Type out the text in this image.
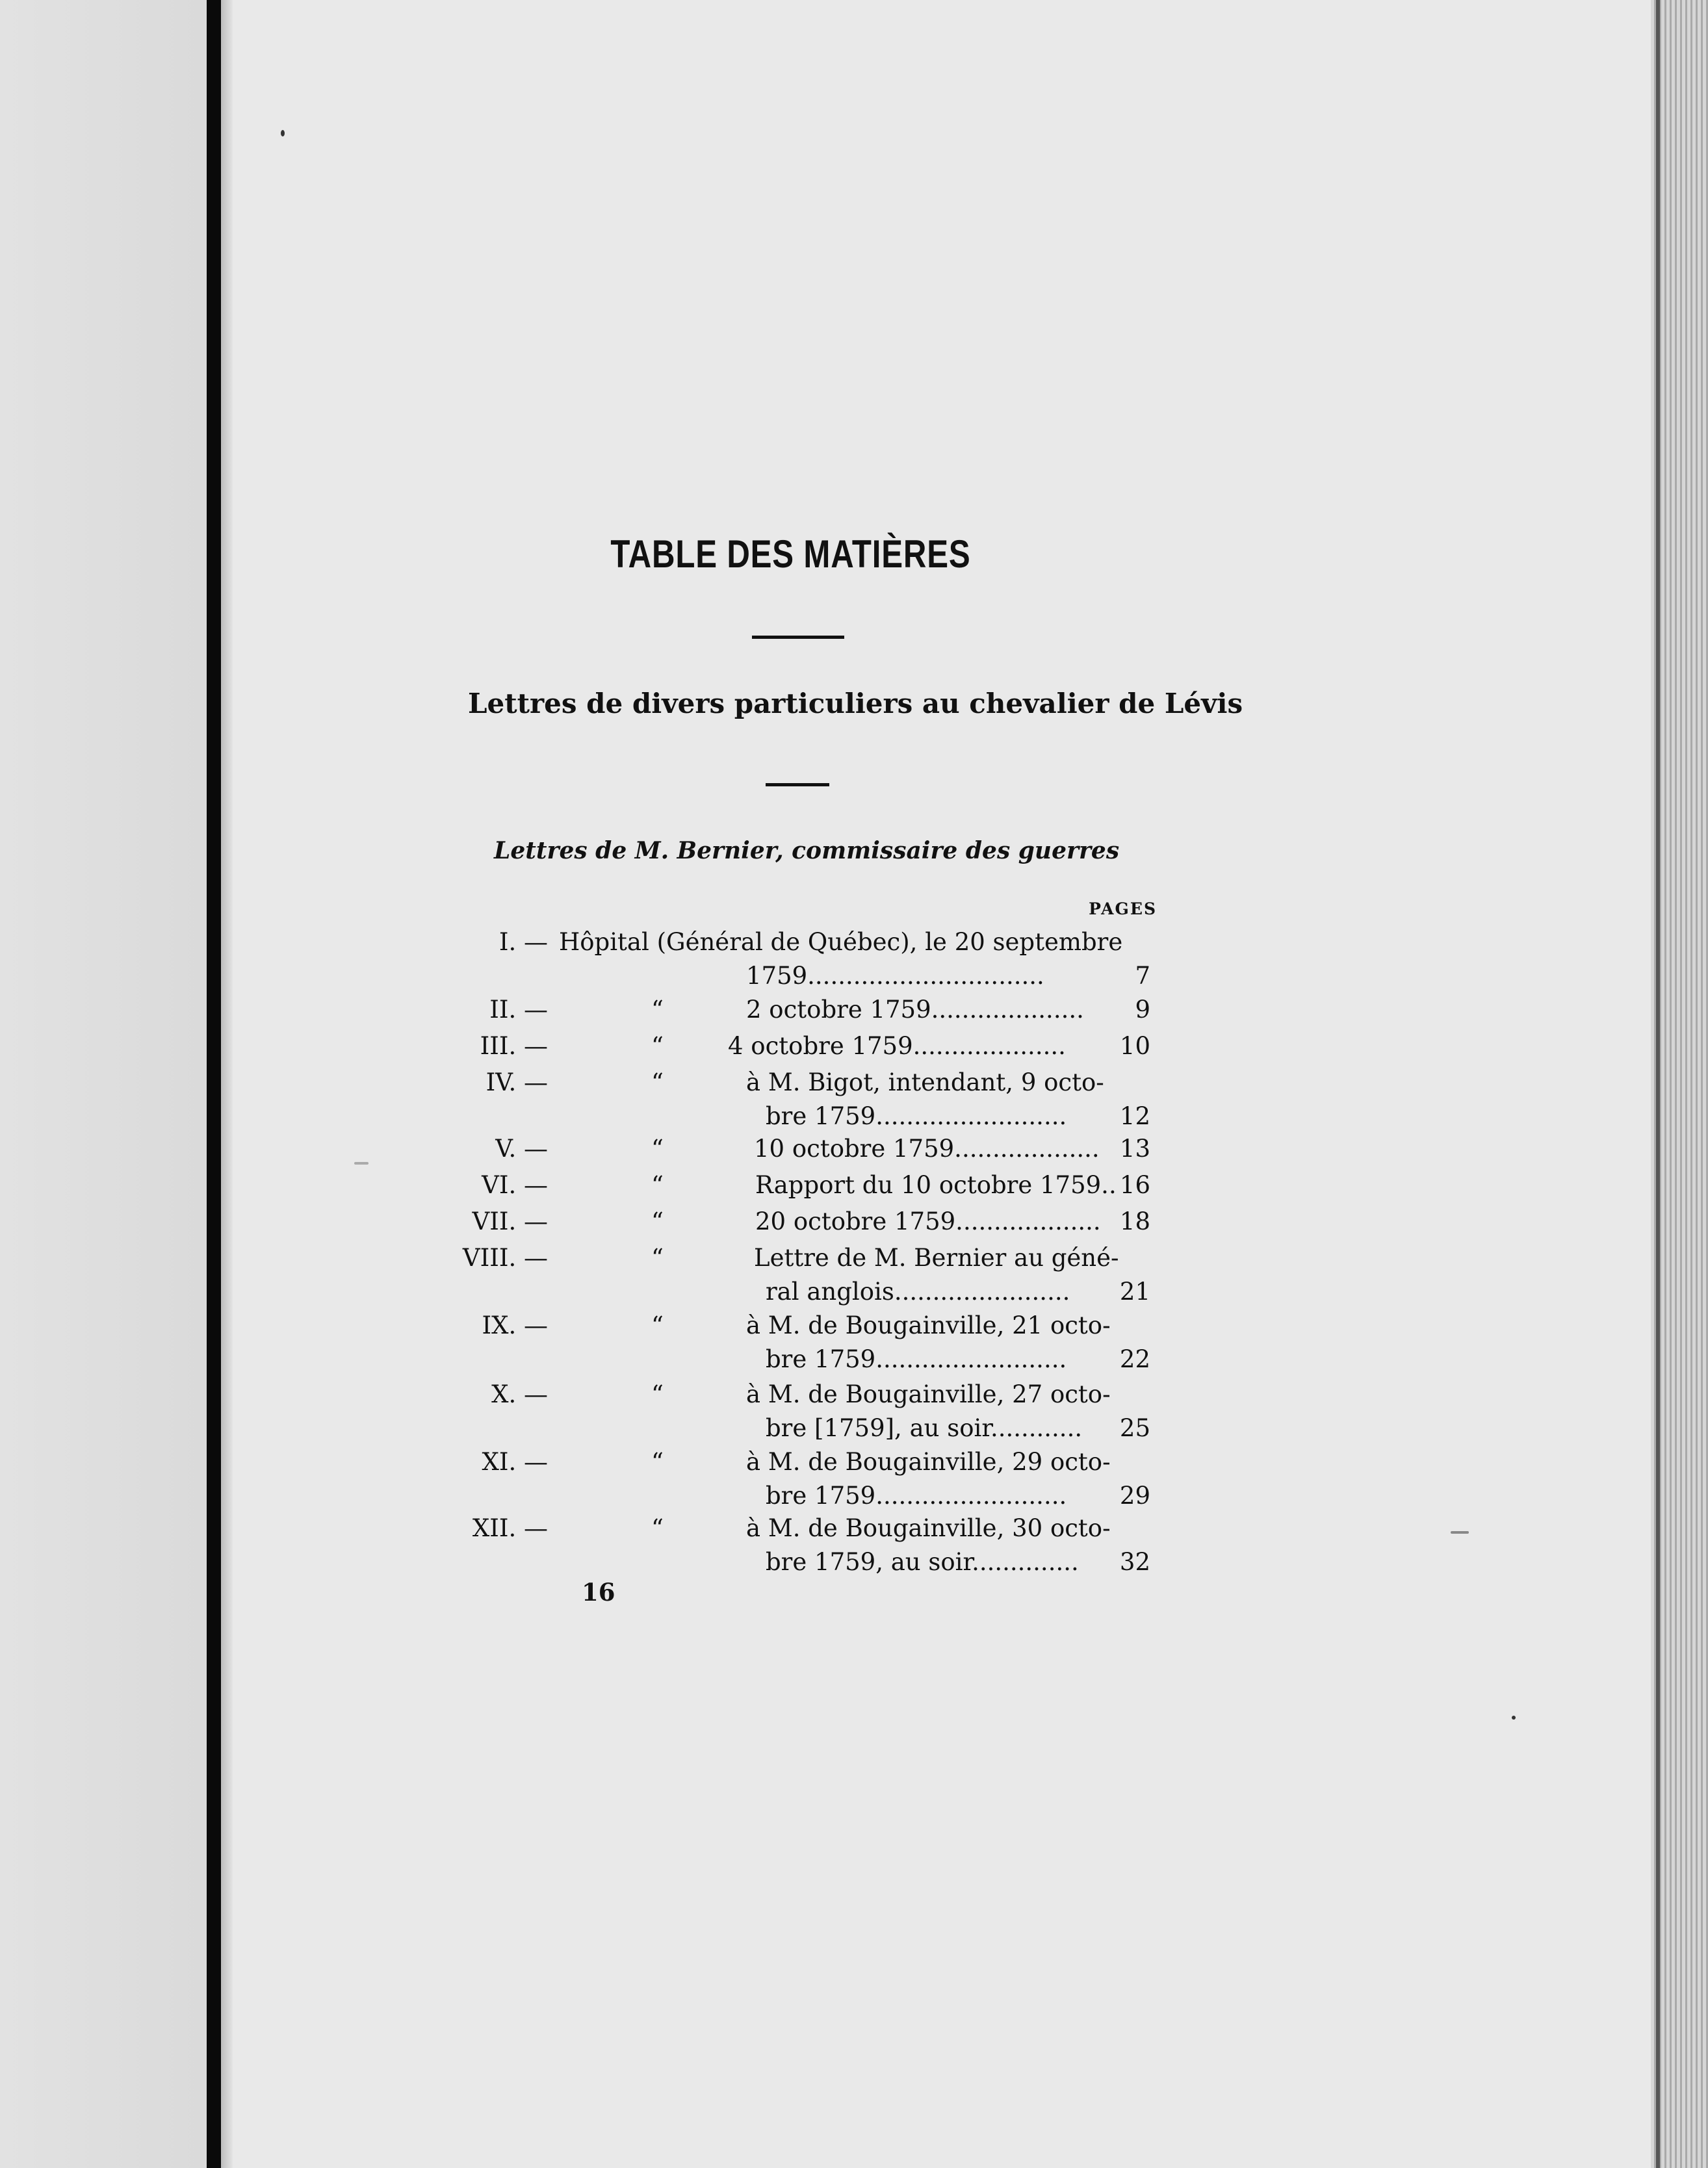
TABLE DES MATIÈRES
Lettres de divers particuliers au chevalier de Lévis
Lettres de M. Bernier, commissaire des guerres
PAGES
I. — Hôpital (Général de Québec), le 20 septembre
1759...............................	7
II. —	“	2 octobre 1759.................... 9
III. —	“	4 octobre 1759.................... 10
IV. —	“	à M. Bigot, intendant, 9 octo-
bre 1759......................... 12
V. —	“	10 octobre 1759................... 13
VI. —	“	Rapport du 10 octobre 1759.. 16
VII. —	“	20 octobre 1759................... 18
VIII. —	“	Lettre de M. Bernier au géné-
ral anglois....................... 21
IX. —	“	à M. de Bougainville, 21 octo-
bre 1759......................... 22
X. —	“	à M. de Bougainville, 27 octo-
bre [1759], au soir............ 25
XI. —	“	à M. de Bougainville, 29 octo-
bre 1759......................... 29
XII. —	“	à M. de Bougainville, 30 octo-
bre 1759, au soir.............. 32
16
